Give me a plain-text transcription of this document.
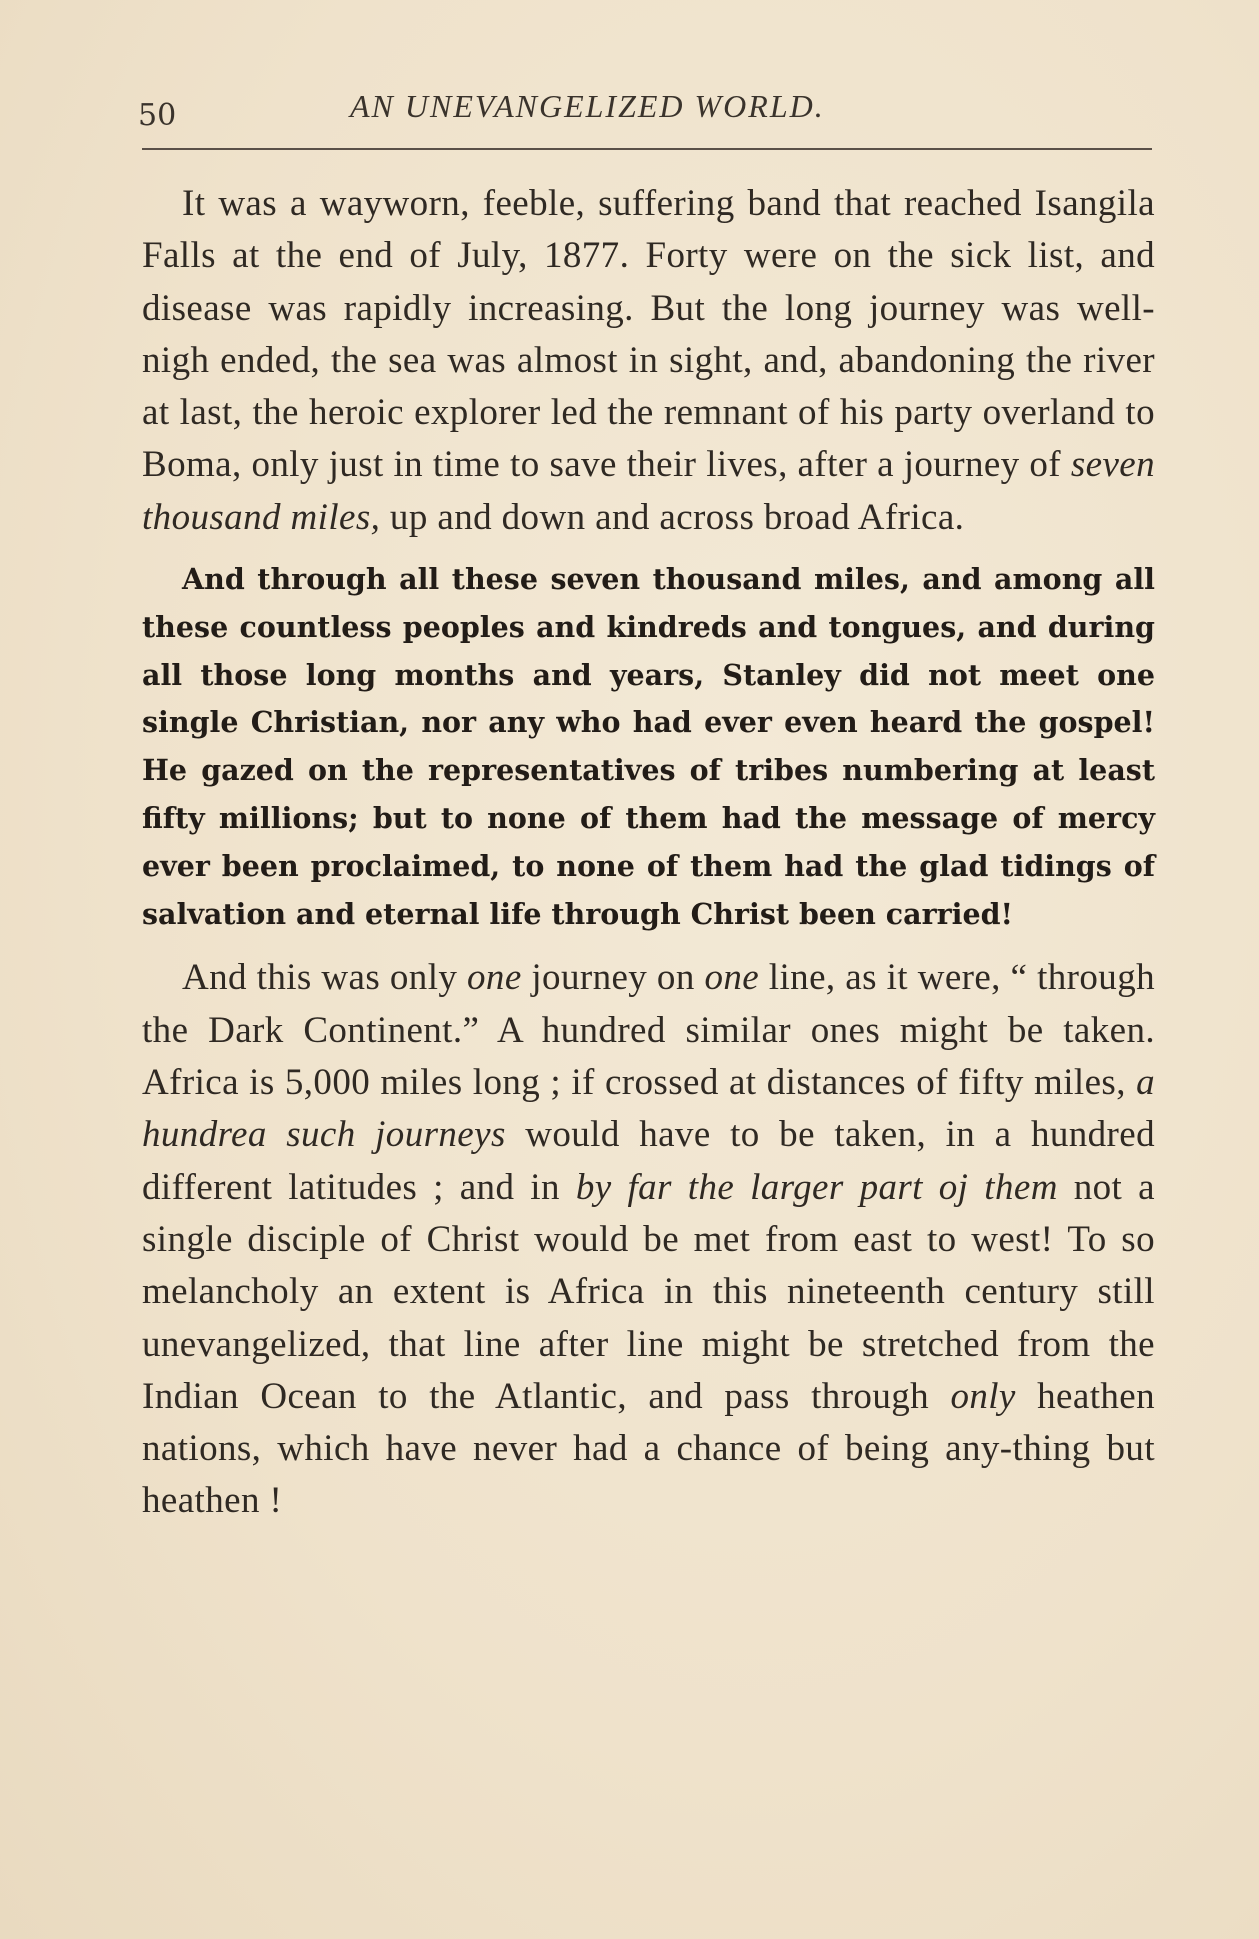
50	AN UNEVANGELIZED WORLD.

It was a wayworn, feeble, suffering band that reached Isangila Falls at the end of July, 1877. Forty were on the sick list, and disease was rapidly increasing. But the long journey was well-nigh ended, the sea was almost in sight, and, abandoning the river at last, the heroic explorer led the remnant of his party overland to Boma, only just in time to save their lives, after a journey of seven thousand miles, up and down and across broad Africa.

And through all these seven thousand miles, and among all these countless peoples and kindreds and tongues, and during all those long months and years, Stanley did not meet one single Christian, nor any who had ever even heard the gospel! He gazed on the representatives of tribes numbering at least fifty millions; but to none of them had the message of mercy ever been proclaimed, to none of them had the glad tidings of salvation and eternal life through Christ been carried!

And this was only one journey on one line, as it were, “ through the Dark Continent.” A hundred similar ones might be taken. Africa is 5,000 miles long ; if crossed at distances of fifty miles, a hundrea such journeys would have to be taken, in a hundred different latitudes ; and in by far the larger part oj them not a single disciple of Christ would be met from east to west! To so melancholy an extent is Africa in this nineteenth century still unevangelized, that line after line might be stretched from the Indian Ocean to the Atlantic, and pass through only heathen nations, which have never had a chance of being any-thing but heathen !
